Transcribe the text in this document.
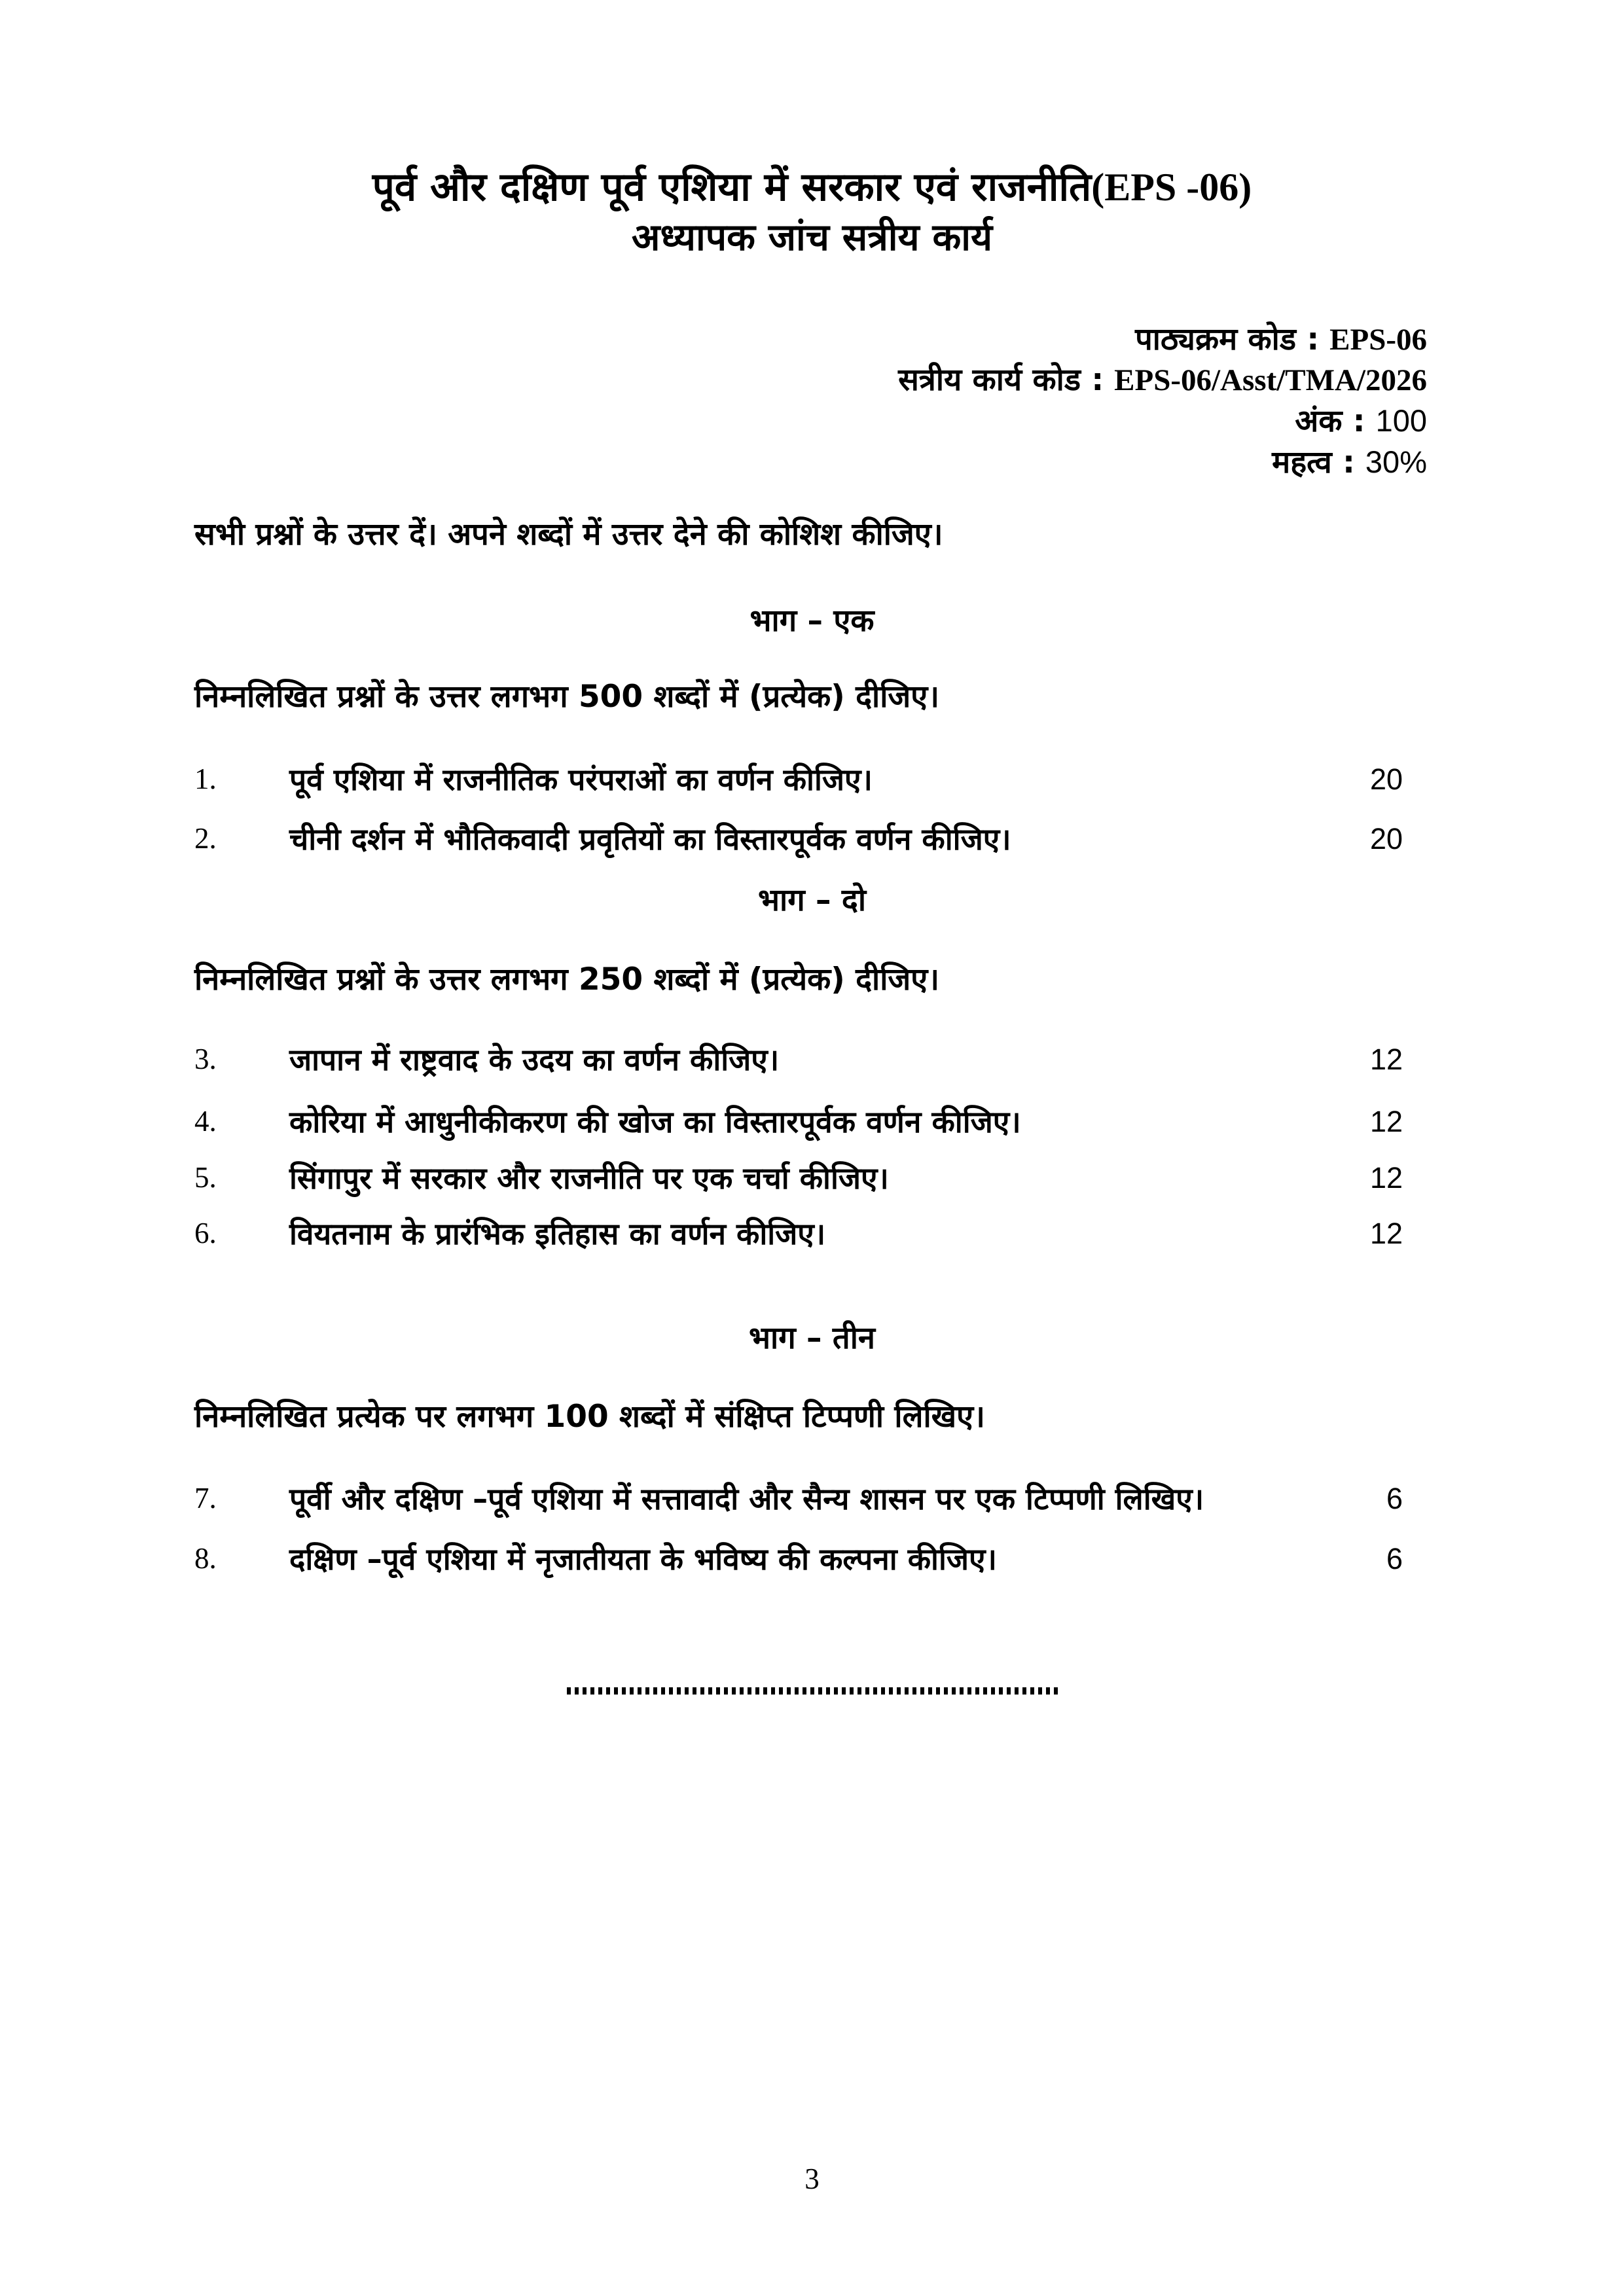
पूर्व और दक्षिण पूर्व एशिया में सरकार एवं राजनीति(EPS -06)
अध्यापक जांच सत्रीय कार्य
पाठ्यक्रम कोड : EPS-06
सत्रीय कार्य कोड : EPS-06/Asst/TMA/2026
अंक : 100
महत्व : 30%
सभी प्रश्नों के उत्तर दें। अपने शब्दों में उत्तर देने की कोशिश कीजिए।
भाग – एक
निम्नलिखित प्रश्नों के उत्तर लगभग 500 शब्दों में (प्रत्येक) दीजिए।
1.	पूर्व एशिया में राजनीतिक परंपराओं का वर्णन कीजिए।	20
2.	चीनी दर्शन में भौतिकवादी प्रवृतियों का विस्तारपूर्वक वर्णन कीजिए।	20
भाग – दो
निम्नलिखित प्रश्नों के उत्तर लगभग 250 शब्दों में (प्रत्येक) दीजिए।
3.	जापान में राष्ट्रवाद के उदय का वर्णन कीजिए।	12
4.	कोरिया में आधुनीकीकरण की खोज का विस्तारपूर्वक वर्णन कीजिए।	12
5.	सिंगापुर में सरकार और राजनीति पर एक चर्चा कीजिए।	12
6.	वियतनाम के प्रारंभिक इतिहास का वर्णन कीजिए।	12
भाग – तीन
निम्नलिखित प्रत्येक पर लगभग 100 शब्दों में संक्षिप्त टिप्पणी लिखिए।
7.	पूर्वी और दक्षिण –पूर्व एशिया में सत्तावादी और सैन्य शासन पर एक टिप्पणी लिखिए।	6
8.	दक्षिण –पूर्व एशिया में नृजातीयता के भविष्य की कल्पना कीजिए।	6
3
